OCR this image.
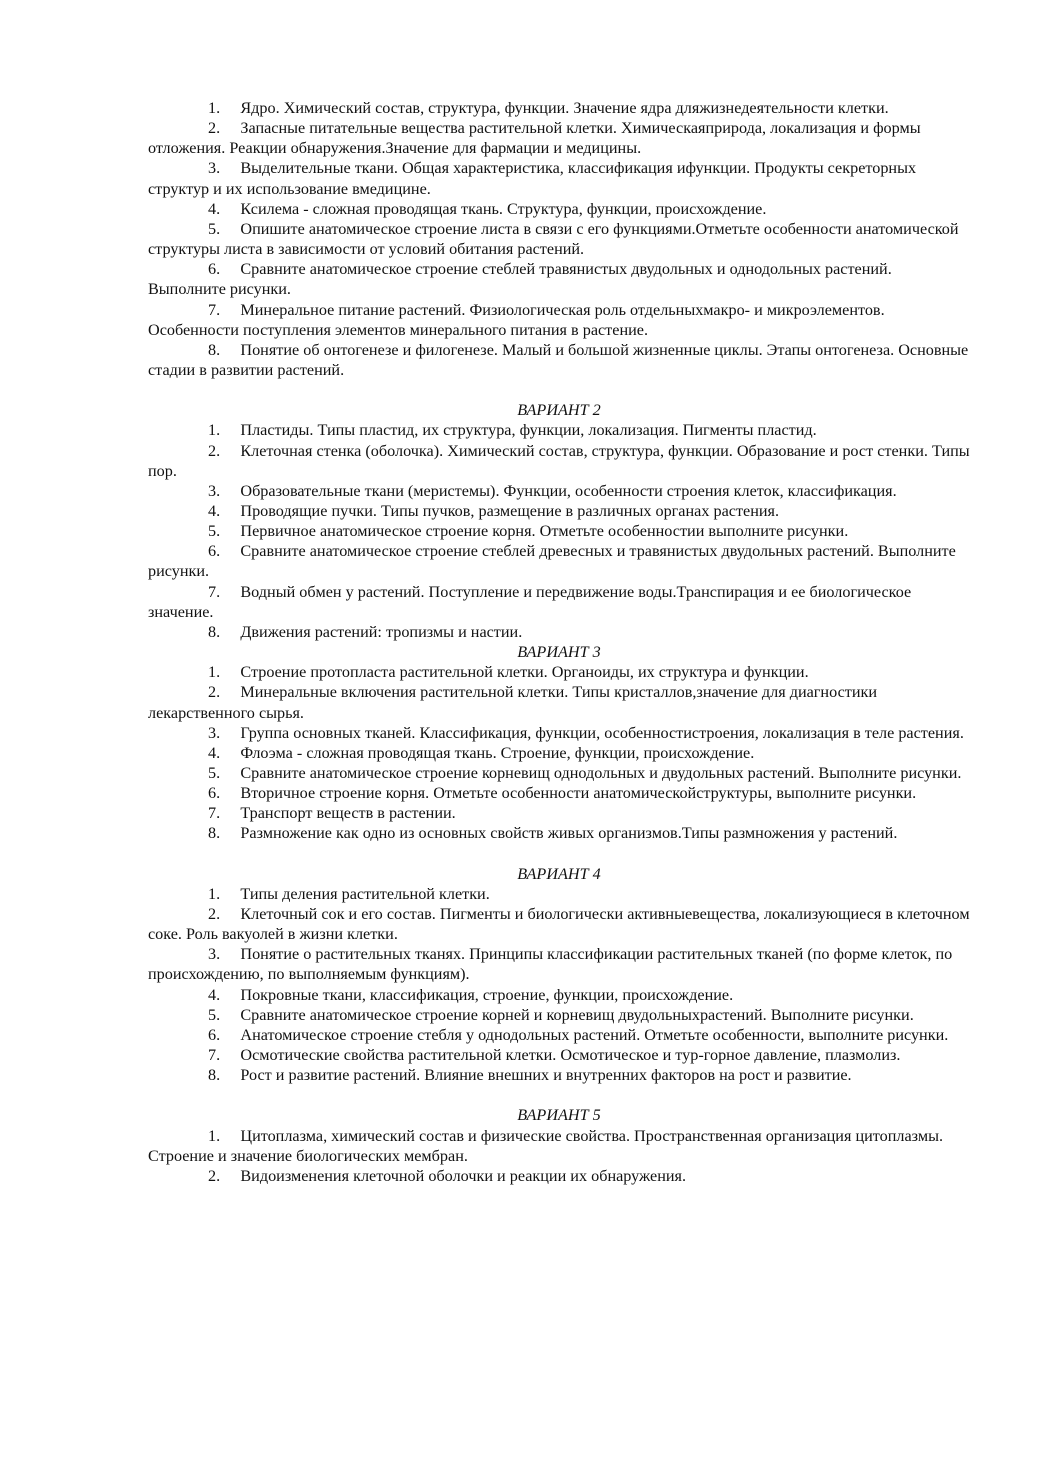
1. Ядро. Химический состав, структура, функции. Значение ядра дляжизнедеятельности клетки.

2. Запасные питательные вещества растительной клетки. Химическаяприрода, локализация и формы отложения. Реакции обнаружения.Значение для фармации и медицины.

3. Выделительные ткани. Общая характеристика, классификация ифункции. Продукты секреторных структур и их использование вмедицине.

4. Ксилема - сложная проводящая ткань. Структура, функции, происхождение.

5. Опишите анатомическое строение листа в связи с его функциями.Отметьте особенности анатомической структуры листа в зависимости от условий обитания растений.

6. Сравните анатомическое строение стеблей травянистых двудольных и однодольных растений. Выполните рисунки.

7. Минеральное питание растений. Физиологическая роль отдельныхмакро- и микроэлементов. Особенности поступления элементов минерального питания в растение.

8. Понятие об онтогенезе и филогенезе. Малый и большой жизненные циклы. Этапы онтогенеза. Основные стадии в развитии растений.

ВАРИАНТ 2

1. Пластиды. Типы пластид, их структура, функции, локализация. Пигменты пластид.

2. Клеточная стенка (оболочка). Химический состав, структура, функции. Образование и рост стенки. Типы пор.

3. Образовательные ткани (меристемы). Функции, особенности строения клеток, классификация.

4. Проводящие пучки. Типы пучков, размещение в различных органах растения.

5. Первичное анатомическое строение корня. Отметьте особенностии выполните рисунки.

6. Сравните анатомическое строение стеблей древесных и травянистых двудольных растений. Выполните рисунки.

7. Водный обмен у растений. Поступление и передвижение воды.Транспирация и ее биологическое значение.

8. Движения растений: тропизмы и настии.

ВАРИАНТ 3

1. Строение протопласта растительной клетки. Органоиды, их структура и функции.

2. Минеральные включения растительной клетки. Типы кристаллов,значение для диагностики лекарственного сырья.

3. Группа основных тканей. Классификация, функции, особенностистроения, локализация в теле растения.

4. Флоэма - сложная проводящая ткань. Строение, функции, происхождение.

5. Сравните анатомическое строение корневищ однодольных и двудольных растений. Выполните рисунки.

6. Вторичное строение корня. Отметьте особенности анатомическойструктуры, выполните рисунки.

7. Транспорт веществ в растении.

8. Размножение как одно из основных свойств живых организмов.Типы размножения у растений.

ВАРИАНТ 4

1. Типы деления растительной клетки.

2. Клеточный сок и его состав. Пигменты и биологически активныевещества, локализующиеся в клеточном соке. Роль вакуолей в жизни клетки.

3. Понятие о растительных тканях. Принципы классификации растительных тканей (по форме клеток, по происхождению, по выполняемым функциям).

4. Покровные ткани, классификация, строение, функции, происхождение.

5. Сравните анатомическое строение корней и корневищ двудольныхрастений. Выполните рисунки.

6. Анатомическое строение стебля у однодольных растений. Отметьте особенности, выполните рисунки.

7. Осмотические свойства растительной клетки. Осмотическое и тур-горное давление, плазмолиз.

8. Рост и развитие растений. Влияние внешних и внутренних факторов на рост и развитие.

ВАРИАНТ 5

1. Цитоплазма, химический состав и физические свойства. Пространственная организация цитоплазмы. Строение и значение биологических мембран.

2. Видоизменения клеточной оболочки и реакции их обнаружения.
